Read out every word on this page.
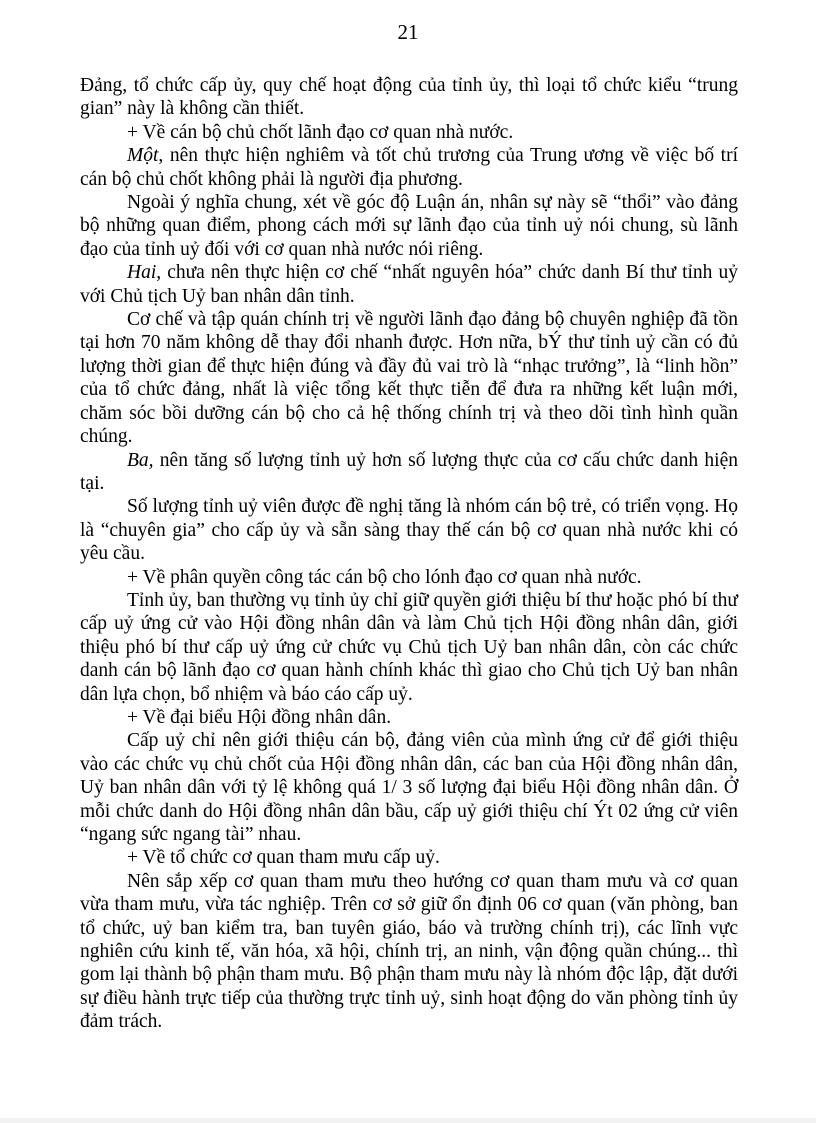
21

Đảng, tổ chức cấp ủy, quy chế hoạt động của tỉnh ủy, thì loại tổ chức kiểu “trung gian” này là không cần thiết.

+ Về cán bộ chủ chốt lãnh đạo cơ quan nhà nước.

Một, nên thực hiện nghiêm và tốt chủ trương của Trung ương về việc bố trí cán bộ chủ chốt không phải là người địa phương.

Ngoài ý nghĩa chung, xét về góc độ Luận án, nhân sự này sẽ “thổi” vào đảng bộ những quan điểm, phong cách mới sự lãnh đạo của tỉnh uỷ nói chung, sù lãnh đạo của tỉnh uỷ đối với cơ quan nhà nước nói riêng.

Hai, chưa nên thực hiện cơ chế “nhất nguyên hóa” chức danh Bí thư tỉnh uỷ với Chủ tịch Uỷ ban nhân dân tỉnh.

Cơ chế và tập quán chính trị về người lãnh đạo đảng bộ chuyên nghiệp đã tồn tại hơn 70 năm không dễ thay đổi nhanh được. Hơn nữa, bÝ thư tỉnh uỷ cần có đủ lượng thời gian để thực hiện đúng và đầy đủ vai trò là “nhạc trưởng”, là “linh hồn” của tổ chức đảng, nhất là việc tổng kết thực tiễn để đưa ra những kết luận mới, chăm sóc bồi dưỡng cán bộ cho cả hệ thống chính trị và theo dõi tình hình quần chúng.

Ba, nên tăng số lượng tỉnh uỷ hơn số lượng thực của cơ cấu chức danh hiện tại.

Số lượng tỉnh uỷ viên được đề nghị tăng là nhóm cán bộ trẻ, có triển vọng. Họ là “chuyên gia” cho cấp ủy và sẵn sàng thay thế cán bộ cơ quan nhà nước khi có yêu cầu.

+ Về phân quyền công tác cán bộ cho lónh đạo cơ quan nhà nước.

Tỉnh ủy, ban thường vụ tỉnh ủy chỉ giữ quyền giới thiệu bí thư hoặc phó bí thư cấp uỷ ứng cử vào Hội đồng nhân dân và làm Chủ tịch Hội đồng nhân dân, giới thiệu phó bí thư cấp uỷ ứng cử chức vụ Chủ tịch Uỷ ban nhân dân, còn các chức danh cán bộ lãnh đạo cơ quan hành chính khác thì giao cho Chủ tịch Uỷ ban nhân dân lựa chọn, bổ nhiệm và báo cáo cấp uỷ.

+ Về đại biểu Hội đồng nhân dân.

Cấp uỷ chỉ nên giới thiệu cán bộ, đảng viên của mình ứng cử để giới thiệu vào các chức vụ chủ chốt của Hội đồng nhân dân, các ban của Hội đồng nhân dân, Uỷ ban nhân dân với tỷ lệ không quá 1/ 3 số lượng đại biểu Hội đồng nhân dân. Ở mỗi chức danh do Hội đồng nhân dân bầu, cấp uỷ giới thiệu chí Ýt 02 ứng cử viên “ngang sức ngang tài” nhau.

+ Về tổ chức cơ quan tham mưu cấp uỷ.

Nên sắp xếp cơ quan tham mưu theo hướng cơ quan tham mưu và cơ quan vừa tham mưu, vừa tác nghiệp. Trên cơ sở giữ ổn định 06 cơ quan (văn phòng, ban tổ chức, uỷ ban kiểm tra, ban tuyên giáo, báo và trường chính trị), các lĩnh vực nghiên cứu kinh tế, văn hóa, xã hội, chính trị, an ninh, vận động quần chúng... thì gom lại thành bộ phận tham mưu. Bộ phận tham mưu này là nhóm độc lập, đặt dưới sự điều hành trực tiếp của thường trực tỉnh uỷ, sinh hoạt động do văn phòng tỉnh ủy đảm trách.
